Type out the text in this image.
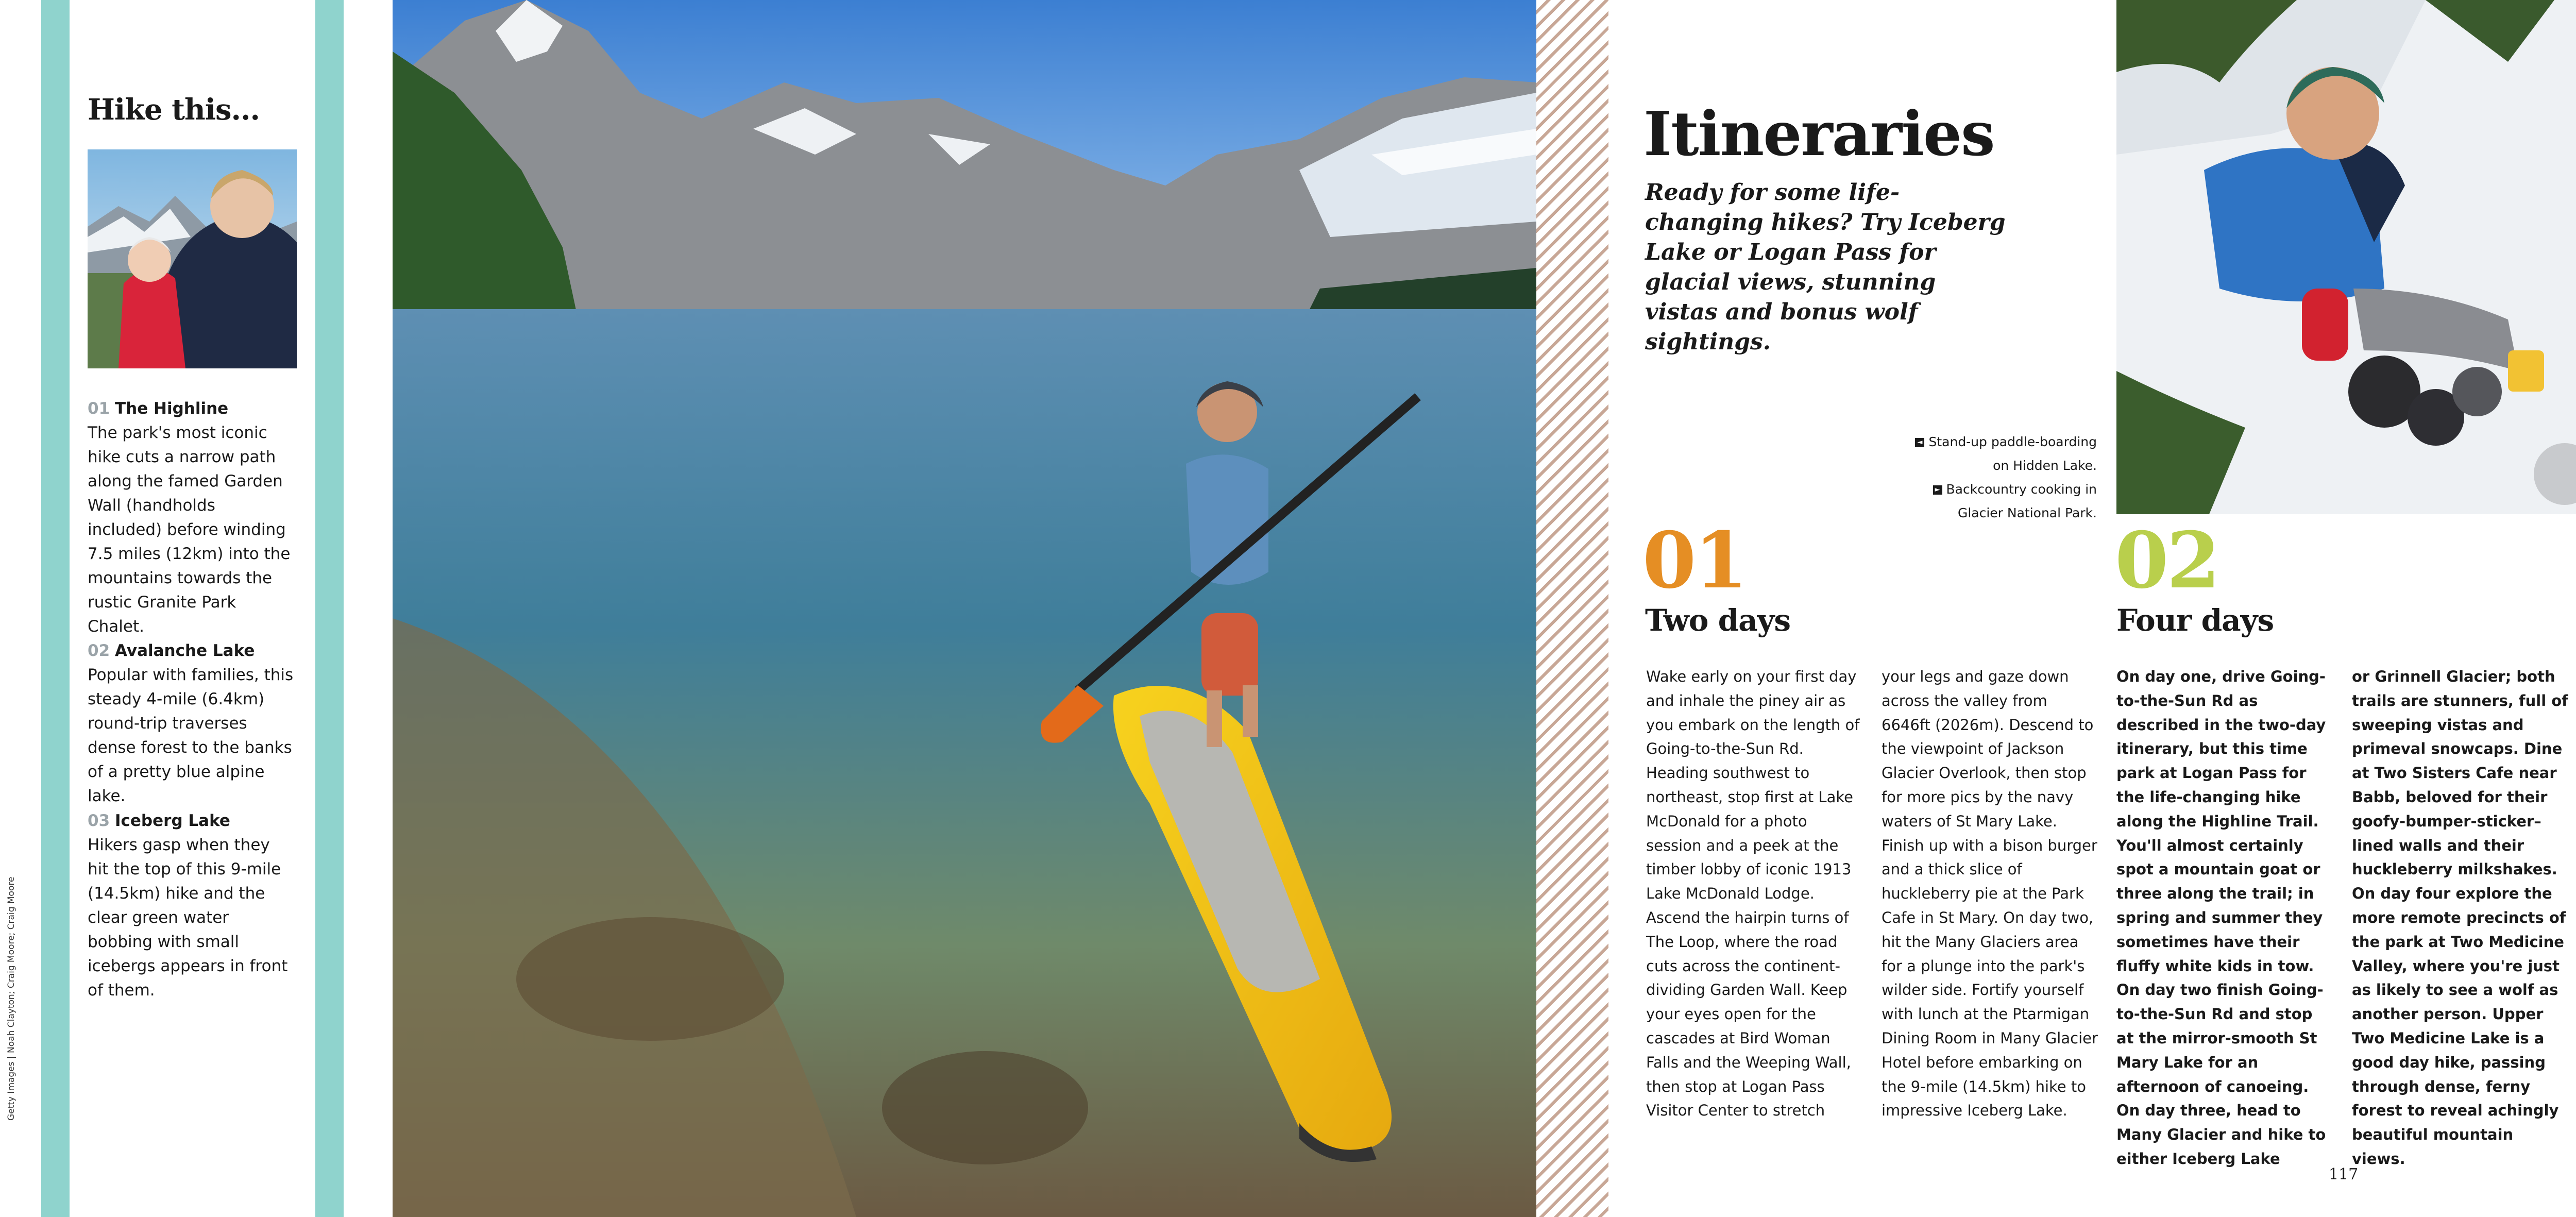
Getty Images | Noah Clayton; Craig Moore; Craig Moore
Hike this...
01 The Highline
The park's most iconic hike cuts a narrow path along the famed Garden Wall (handholds included) before winding 7.5 miles (12km) into the mountains towards the rustic Granite Park Chalet.
02 Avalanche Lake
Popular with families, this steady 4-mile (6.4km) round-trip traverses dense forest to the banks of a pretty blue alpine lake.
03 Iceberg Lake
Hikers gasp when they hit the top of this 9-mile (14.5km) hike and the clear green water bobbing with small icebergs appears in front of them.
Itineraries
Ready for some life-changing hikes? Try Iceberg Lake or Logan Pass for glacial views, stunning vistas and bonus wolf sightings.
◄ Stand-up paddle-boarding
on Hidden Lake.
► Backcountry cooking in
Glacier National Park.
01
Two days
Wake early on your first day and inhale the piney air as you embark on the length of Going-to-the-Sun Rd. Heading southwest to northeast, stop first at Lake McDonald for a photo session and a peek at the timber lobby of iconic 1913 Lake McDonald Lodge. Ascend the hairpin turns of The Loop, where the road cuts across the continent-dividing Garden Wall. Keep your eyes open for the cascades at Bird Woman Falls and the Weeping Wall, then stop at Logan Pass Visitor Center to stretch
your legs and gaze down across the valley from 6646ft (2026m). Descend to the viewpoint of Jackson Glacier Overlook, then stop for more pics by the navy waters of St Mary Lake. Finish up with a bison burger and a thick slice of huckleberry pie at the Park Cafe in St Mary. On day two, hit the Many Glaciers area for a plunge into the park's wilder side. Fortify yourself with lunch at the Ptarmigan Dining Room in Many Glacier Hotel before embarking on the 9-mile (14.5km) hike to impressive Iceberg Lake.
02
Four days
On day one, drive Going-to-the-Sun Rd as described in the two-day itinerary, but this time park at Logan Pass for the life-changing hike along the Highline Trail. You'll almost certainly spot a mountain goat or three along the trail; in spring and summer they sometimes have their fluffy white kids in tow. On day two finish Going-to-the-Sun Rd and stop at the mirror-smooth St Mary Lake for an afternoon of canoeing. On day three, head to Many Glacier and hike to either Iceberg Lake
or Grinnell Glacier; both trails are stunners, full of sweeping vistas and primeval snowcaps. Dine at Two Sisters Cafe near Babb, beloved for their goofy-bumper-sticker–lined walls and their huckleberry milkshakes. On day four explore the more remote precincts of the park at Two Medicine Valley, where you're just as likely to see a wolf as another person. Upper Two Medicine Lake is a good day hike, passing through dense, ferny forest to reveal achingly beautiful mountain views.
117
